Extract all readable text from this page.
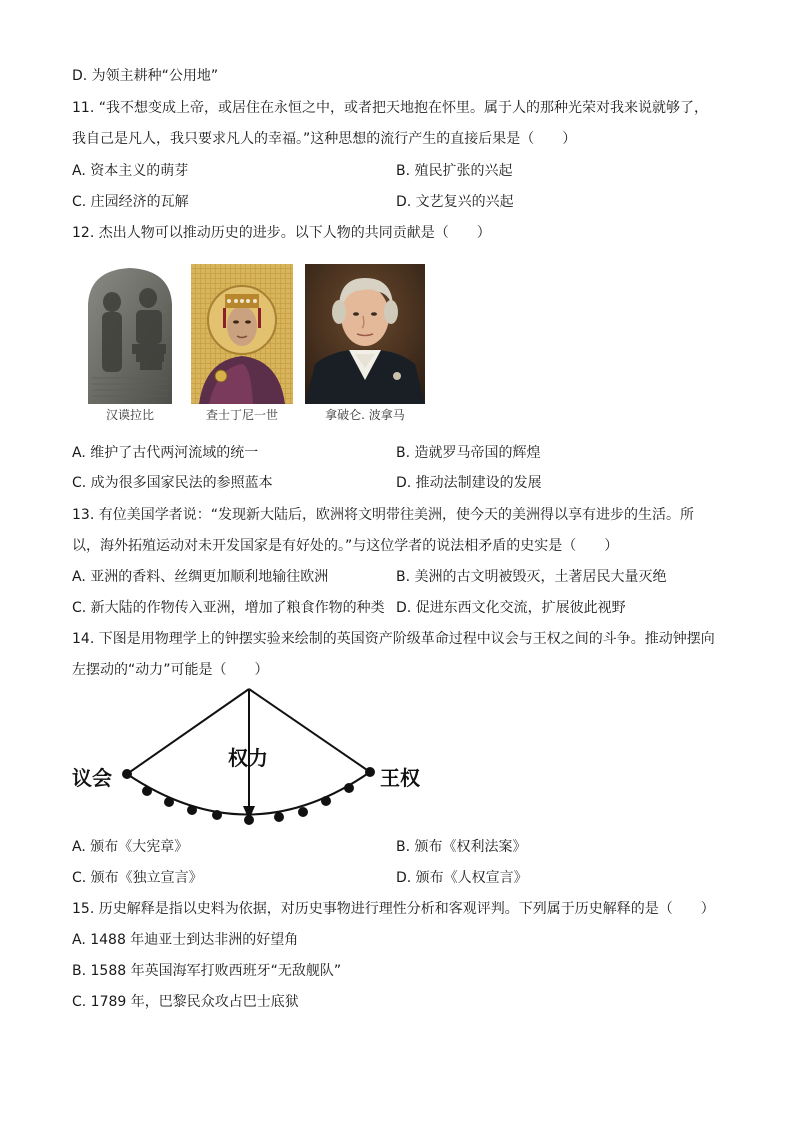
D. 为领主耕种“公用地”
11. “我不想变成上帝，或居住在永恒之中，或者把天地抱在怀里。属于人的那种光荣对我来说就够了，
我自己是凡人，我只要求凡人的幸福。”这种思想的流行产生的直接后果是（　　）
A. 资本主义的萌芽	B. 殖民扩张的兴起
C. 庄园经济的瓦解	D. 文艺复兴的兴起
12. 杰出人物可以推动历史的进步。以下人物的共同贡献是（　　）
汉谟拉比	查士丁尼一世	拿破仑. 波拿马
A. 维护了古代两河流域的统一	B. 造就罗马帝国的辉煌
C. 成为很多国家民法的参照蓝本	D. 推动法制建设的发展
13. 有位美国学者说：“发现新大陆后，欧洲将文明带往美洲，使今天的美洲得以享有进步的生活。所
以，海外拓殖运动对未开发国家是有好处的。”与这位学者的说法相矛盾的史实是（　　）
A. 亚洲的香料、丝绸更加顺利地输往欧洲	B. 美洲的古文明被毁灭，土著居民大量灭绝
C. 新大陆的作物传入亚洲，增加了粮食作物的种类 D. 促进东西文化交流，扩展彼此视野
14. 下图是用物理学上的钟摆实验来绘制的英国资产阶级革命过程中议会与王权之间的斗争。推动钟摆向
左摆动的“动力”可能是（　　）
议会	王权
权力
A. 颁布《大宪章》	B. 颁布《权利法案》
C. 颁布《独立宣言》	D. 颁布《人权宣言》
15. 历史解释是指以史料为依据，对历史事物进行理性分析和客观评判。下列属于历史解释的是（　　）
A. 1488 年迪亚士到达非洲的好望角
B. 1588 年英国海军打败西班牙“无敌舰队”
C. 1789 年，巴黎民众攻占巴士底狱
